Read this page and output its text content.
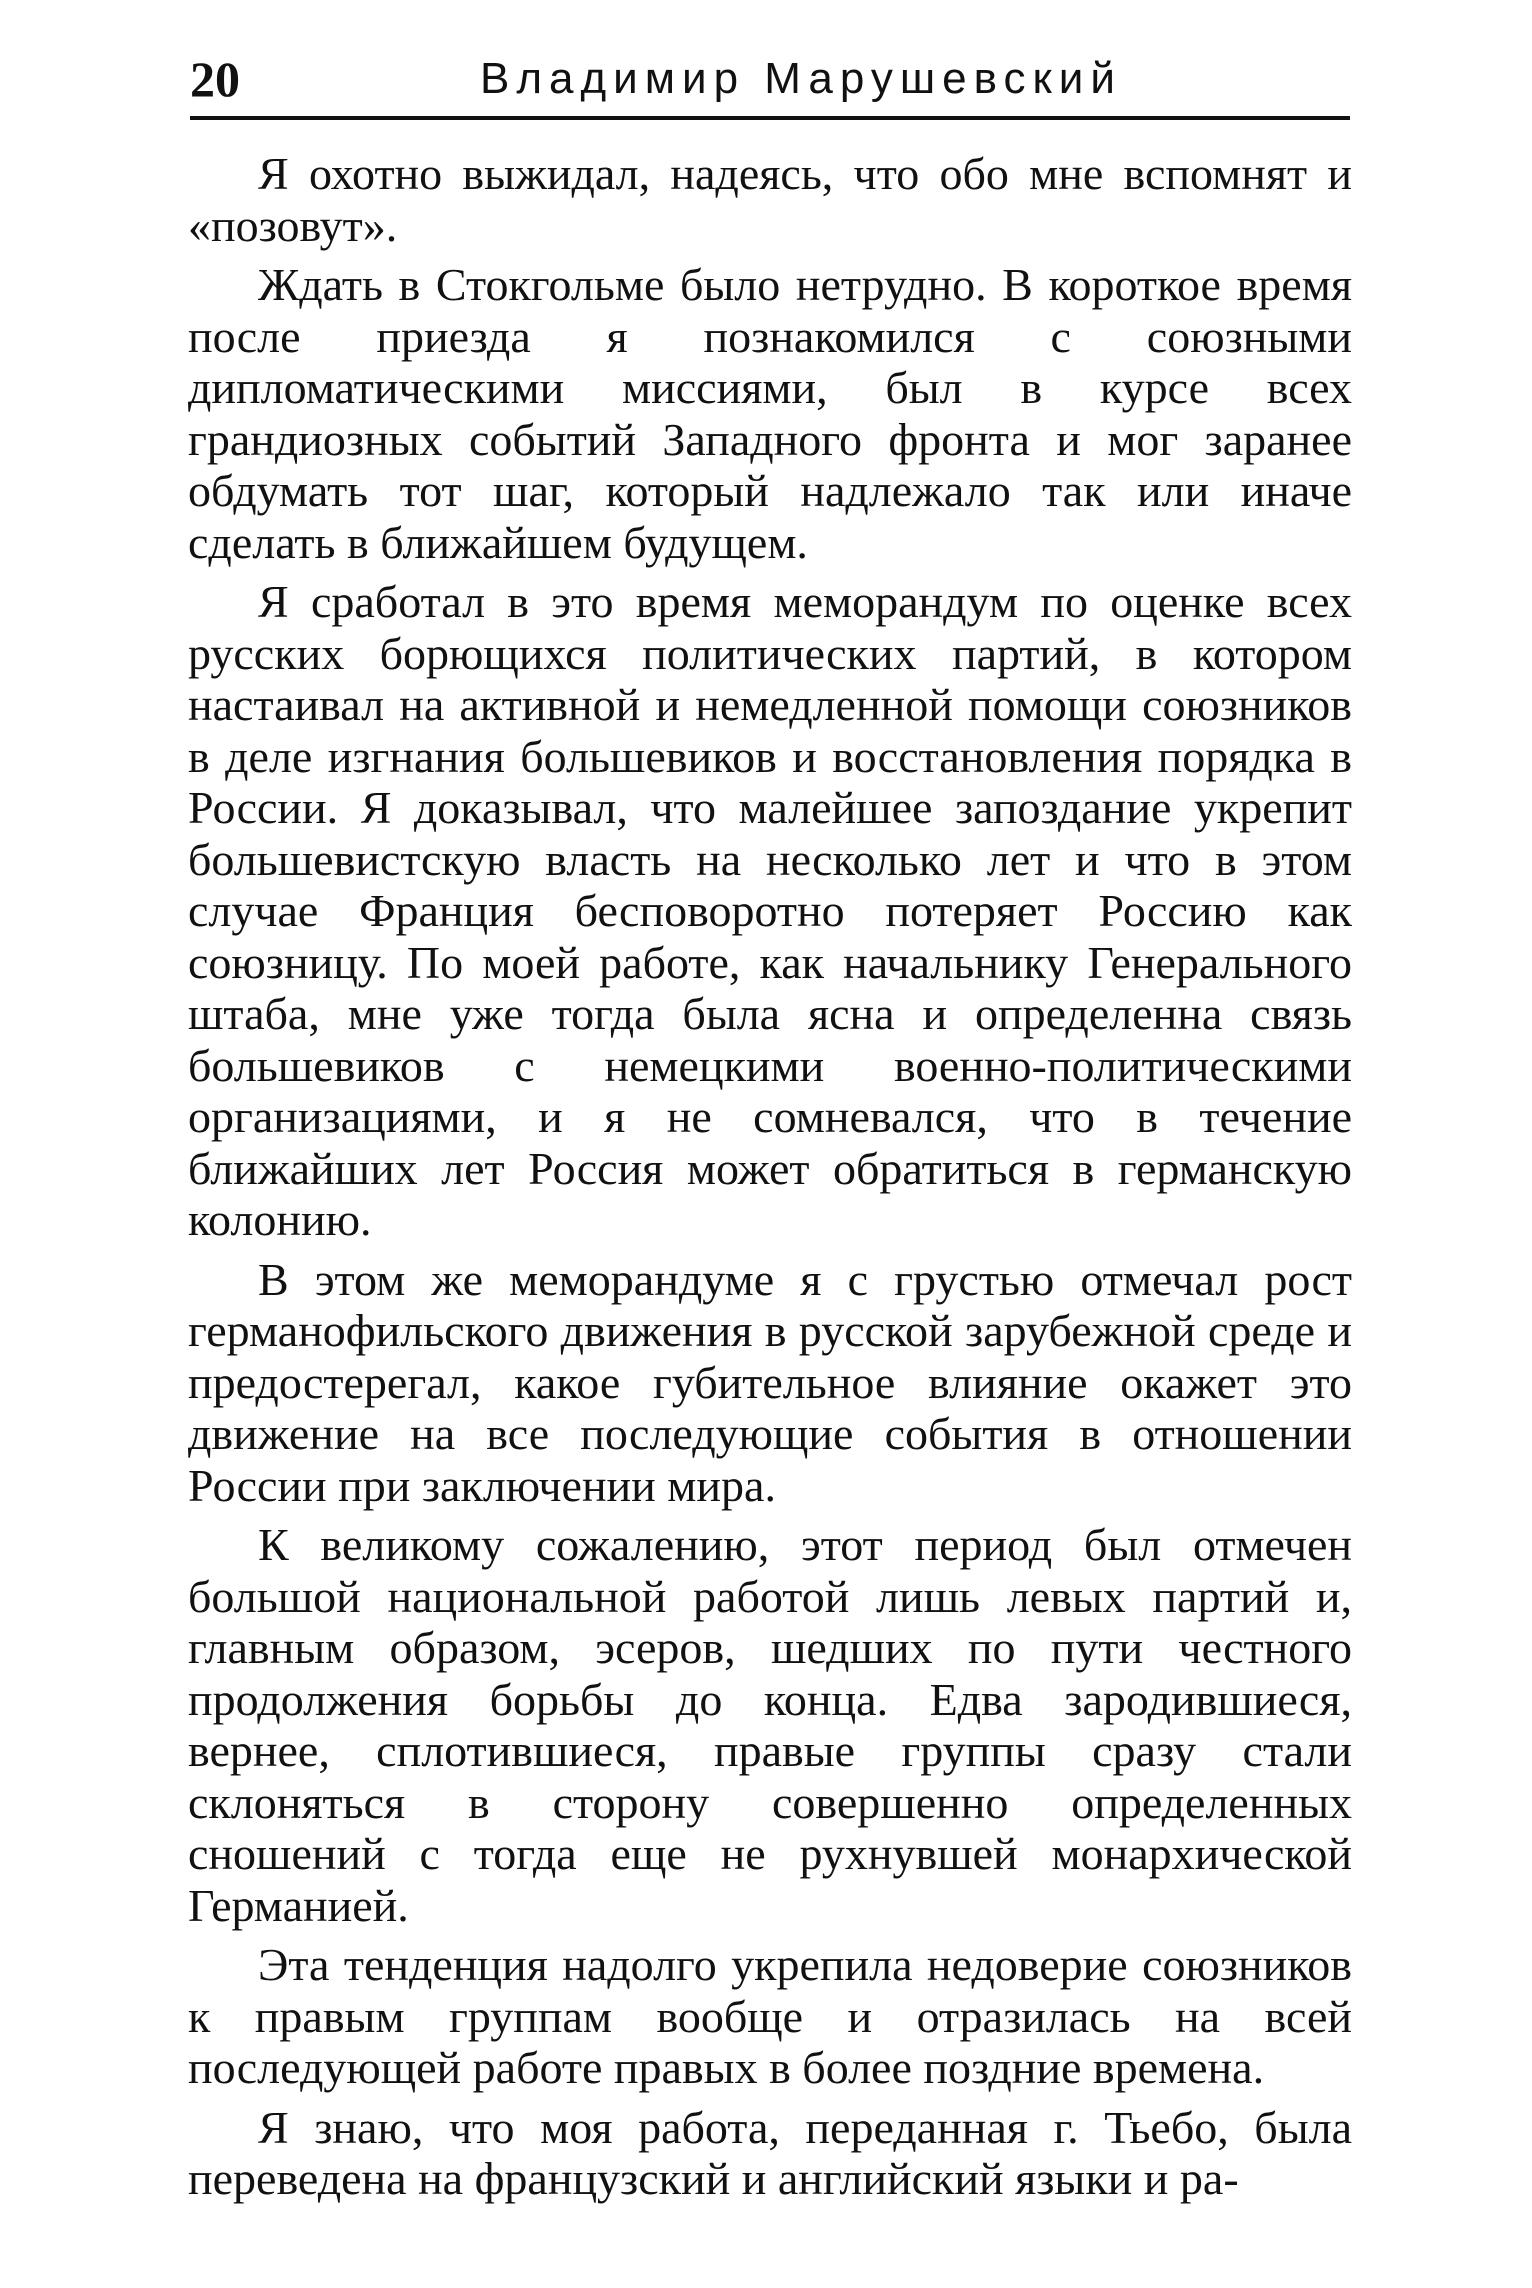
20	Владимир Марушевский

Я охотно выжидал, надеясь, что обо мне вспомнят и «позовут».

Ждать в Стокгольме было нетрудно. В короткое время после приезда я познакомился с союзными дипломатическими миссиями, был в курсе всех грандиозных событий Западного фронта и мог заранее обдумать тот шаг, который надлежало так или иначе сделать в ближайшем будущем.

Я сработал в это время меморандум по оценке всех русских борющихся политических партий, в котором настаивал на активной и немедленной помощи союзников в деле изгнания большевиков и восстановления порядка в России. Я доказывал, что малейшее запоздание укрепит большевистскую власть на несколько лет и что в этом случае Франция бесповоротно потеряет Россию как союзницу. По моей работе, как начальнику Генерального штаба, мне уже тогда была ясна и определенна связь большевиков с немецкими военно-политическими организациями, и я не сомневался, что в течение ближайших лет Россия может обратиться в германскую колонию.

В этом же меморандуме я с грустью отмечал рост германофильского движения в русской зарубежной среде и предостерегал, какое губительное влияние окажет это движение на все последующие события в отношении России при заключении мира.

К великому сожалению, этот период был отмечен большой национальной работой лишь левых партий и, главным образом, эсеров, шедших по пути честного продолжения борьбы до конца. Едва зародившиеся, вернее, сплотившиеся, правые группы сразу стали склоняться в сторону совершенно определенных сношений с тогда еще не рухнувшей монархической Германией.

Эта тенденция надолго укрепила недоверие союзников к правым группам вообще и отразилась на всей последующей работе правых в более поздние времена.

Я знаю, что моя работа, переданная г. Тьебо, была переведена на французский и английский языки и ра-
